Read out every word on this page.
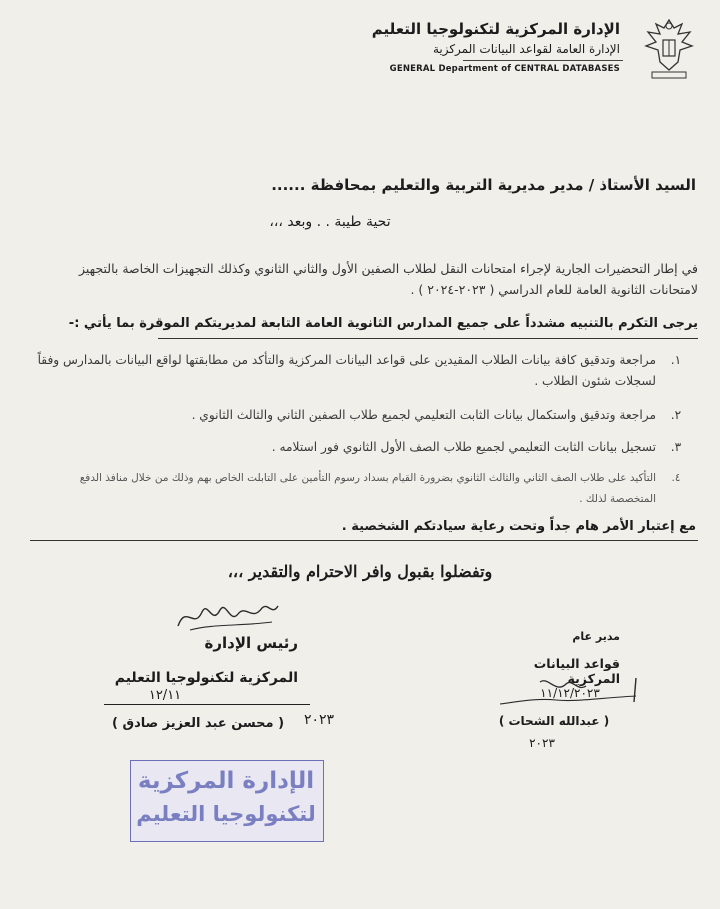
الإدارة المركزية لتكنولوجيا التعليم
الإدارة العامة لقواعد البيانات المركزية
GENERAL Department of CENTRAL DATABASES
السيد الأستاذ / مدير مديرية التربية والتعليم بمحافظة ......
تحية طيبة . . وبعد ،،،
في إطار التحضيرات الجارية لإجراء امتحانات النقل لطلاب الصفين الأول والثاني الثانوي وكذلك التجهيزات الخاصة بالتجهيز لامتحانات الثانوية العامة للعام الدراسي ( ٢٠٢٣-٢٠٢٤ ) .
يرجى التكرم بالتنبيه مشدداً على جميع المدارس الثانوية العامة التابعة لمديريتكم الموقرة بما يأتي :-
١.
مراجعة وتدقيق كافة بيانات الطلاب المقيدين على قواعد البيانات المركزية والتأكد من مطابقتها لواقع البيانات بالمدارس وفقاً لسجلات شئون الطلاب .
٢.
مراجعة وتدقيق واستكمال بيانات الثابت التعليمي لجميع طلاب الصفين الثاني والثالث الثانوي .
٣.
تسجيل بيانات الثابت التعليمي لجميع طلاب الصف الأول الثانوي فور استلامه .
٤.
التأكيد على طلاب الصف الثاني والثالث الثانوي بضرورة القيام بسداد رسوم التأمين على التابلت الخاص بهم وذلك من خلال منافذ الدفع المتخصصة لذلك .
مع إعتبار الأمر هام جداً وتحت رعاية سيادتكم الشخصية .
وتفضلوا بقبول وافر الاحترام والتقدير ،،،
رئيس الإدارة
المركزية لتكنولوجيا التعليم
١٢/١١
( محسن عبد العزيز صادق )	٢٠٢٣
مدير عام
قواعد البيانات المركزية
١١/١٢/٢٠٢٣
( عبدالله الشحات )
٢٠٢٣
الإدارة المركزية
لتكنولوجيا التعليم
